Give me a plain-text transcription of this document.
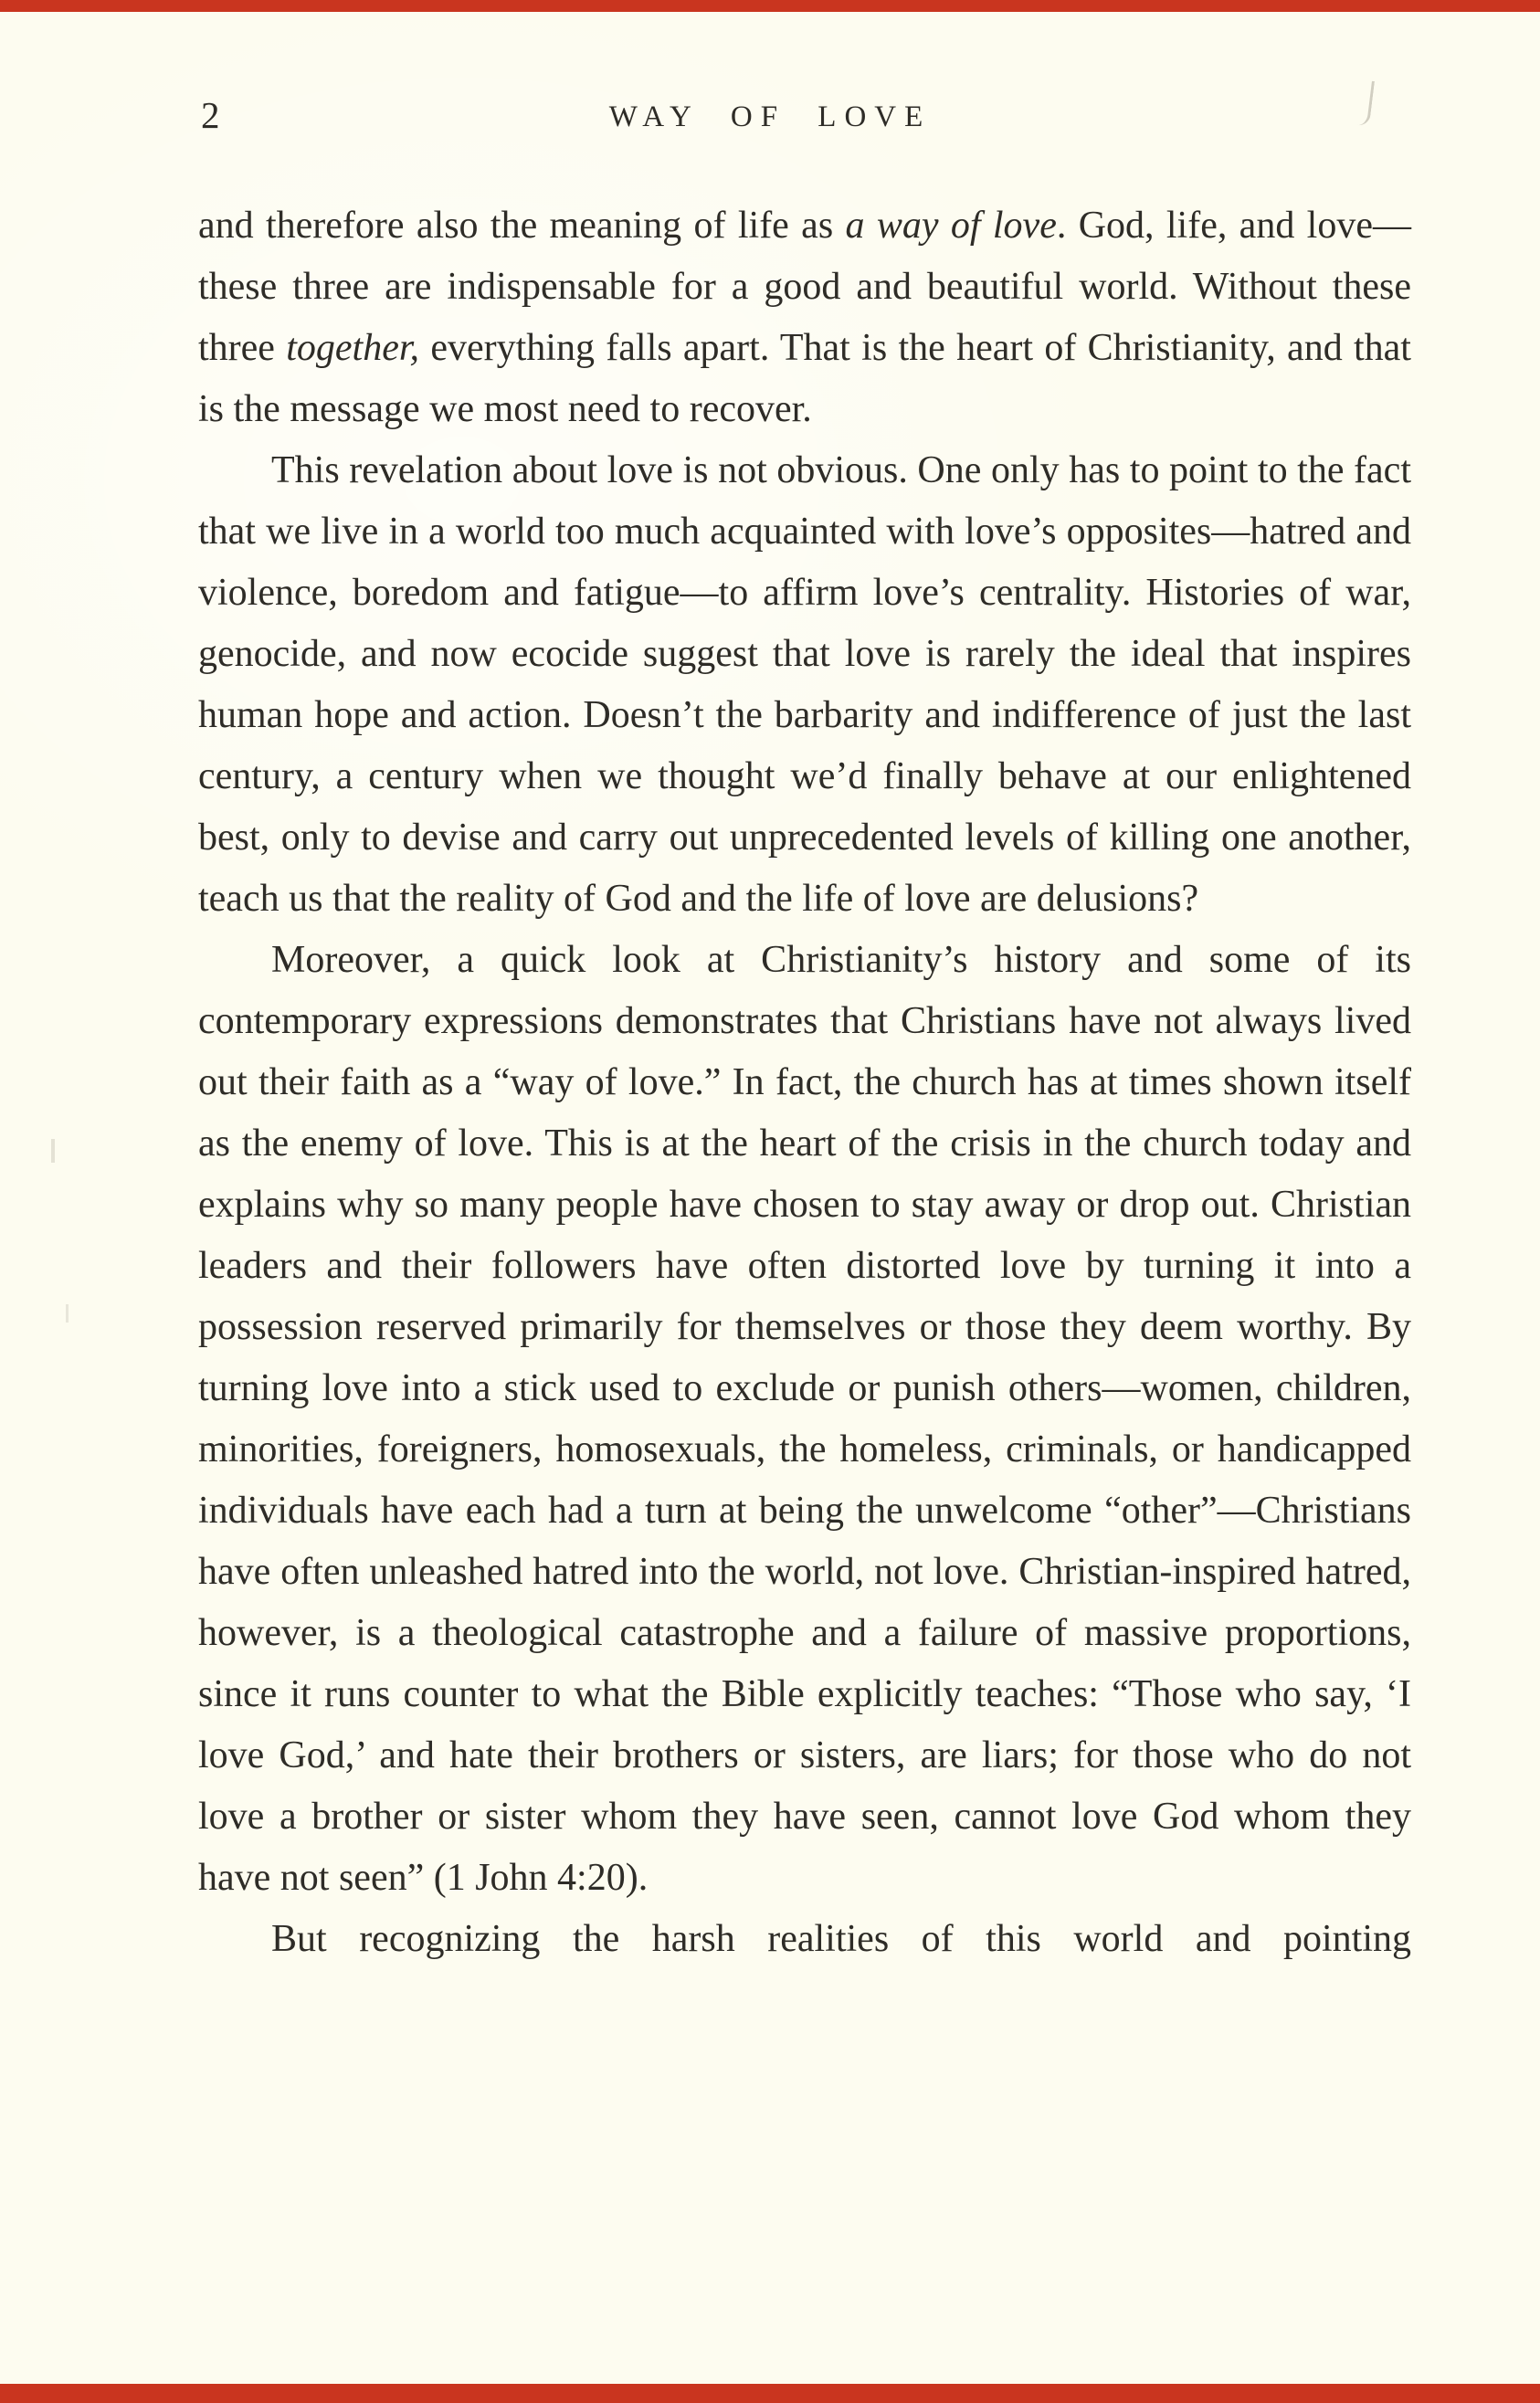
2	WAY OF LOVE

and therefore also the meaning of life as a way of love. God, life, and love—these three are indispensable for a good and beautiful world. Without these three together, everything falls apart. That is the heart of Christianity, and that is the message we most need to recover.

This revelation about love is not obvious. One only has to point to the fact that we live in a world too much acquainted with love’s opposites—hatred and violence, boredom and fatigue—to affirm love’s centrality. Histories of war, genocide, and now ecocide suggest that love is rarely the ideal that inspires human hope and action. Doesn’t the barbarity and indifference of just the last century, a century when we thought we’d finally behave at our enlightened best, only to devise and carry out unprecedented levels of killing one another, teach us that the reality of God and the life of love are delusions?

Moreover, a quick look at Christianity’s history and some of its contemporary expressions demonstrates that Christians have not always lived out their faith as a “way of love.” In fact, the church has at times shown itself as the enemy of love. This is at the heart of the crisis in the church today and explains why so many people have chosen to stay away or drop out. Christian leaders and their followers have often distorted love by turning it into a possession reserved primarily for themselves or those they deem worthy. By turning love into a stick used to exclude or punish others—women, children, minorities, foreigners, homosexuals, the homeless, criminals, or handicapped individuals have each had a turn at being the unwelcome “other”—Christians have often unleashed hatred into the world, not love. Christian-inspired hatred, however, is a theological catastrophe and a failure of massive proportions, since it runs counter to what the Bible explicitly teaches: “Those who say, ‘I love God,’ and hate their brothers or sisters, are liars; for those who do not love a brother or sister whom they have seen, cannot love God whom they have not seen” (1 John 4:20).

But recognizing the harsh realities of this world and pointing
